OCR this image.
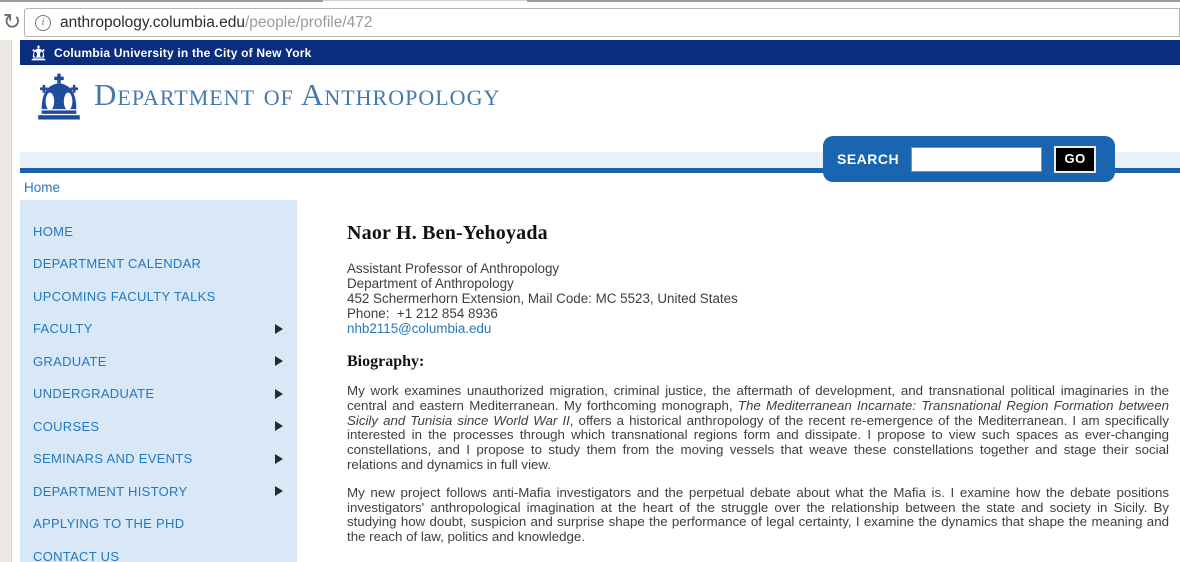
↻	i anthropology.columbia.edu/people/profile/472
Columbia University in the City of New York
Department of Anthropology
SEARCH	GO
Home
HOME
DEPARTMENT CALENDAR
UPCOMING FACULTY TALKS
FACULTY
GRADUATE
UNDERGRADUATE
COURSES
SEMINARS AND EVENTS
DEPARTMENT HISTORY
APPLYING TO THE PHD
CONTACT US
Naor H. Ben-Yehoyada
Assistant Professor of Anthropology
Department of Anthropology
452 Schermerhorn Extension, Mail Code: MC 5523, United States
Phone:  +1 212 854 8936
nhb2115@columbia.edu
Biography:
My work examines unauthorized migration, criminal justice, the aftermath of development, and transnational political imaginaries in the central and eastern Mediterranean. My forthcoming monograph, The Mediterranean Incarnate: Transnational Region Formation between Sicily and Tunisia since World War II, offers a historical anthropology of the recent re-emergence of the Mediterranean. I am specifically interested in the processes through which transnational regions form and dissipate. I propose to view such spaces as ever-changing constellations, and I propose to study them from the moving vessels that weave these constellations together and stage their social relations and dynamics in full view.
My new project follows anti-Mafia investigators and the perpetual debate about what the Mafia is. I examine how the debate positions investigators' anthropological imagination at the heart of the struggle over the relationship between the state and society in Sicily. By studying how doubt, suspicion and surprise shape the performance of legal certainty, I examine the dynamics that shape the meaning and the reach of law, politics and knowledge.
